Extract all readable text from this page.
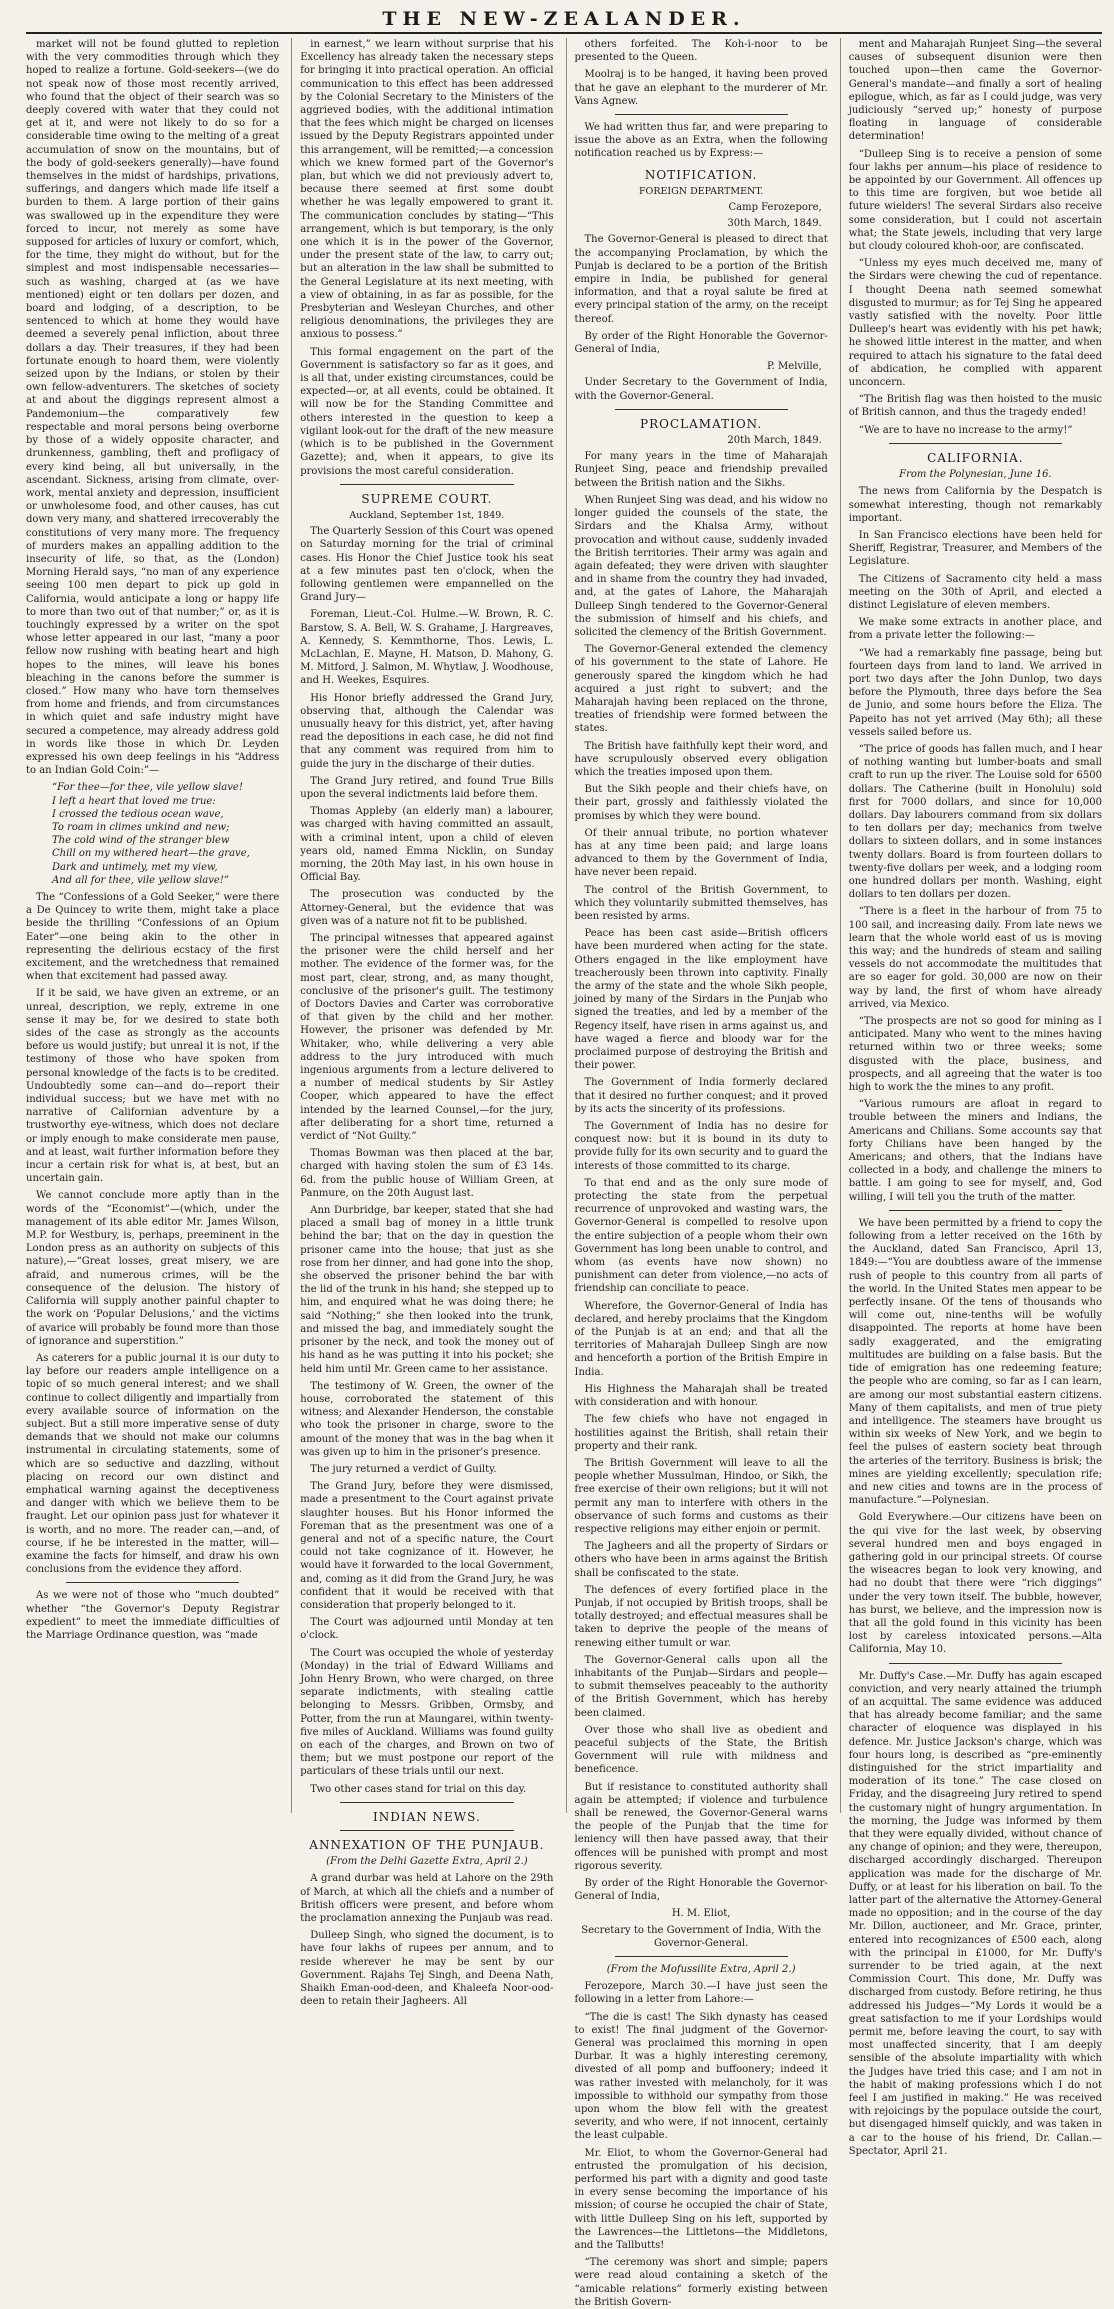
THE NEW-ZEALANDER.

market will not be found glutted to repletion with the very commodities through which they hoped to realize a fortune. Gold-seekers—(we do not speak now of those most recently arrived, who found that the object of their search was so deeply covered with water that they could not get at it, and were not likely to do so for a considerable time owing to the melting of a great accumulation of snow on the mountains, but of the body of gold-seekers generally)—have found themselves in the midst of hardships, privations, sufferings, and dangers which made life itself a burden to them. A large portion of their gains was swallowed up in the expenditure they were forced to incur, not merely as some have supposed for articles of luxury or comfort, which, for the time, they might do without, but for the simplest and most indispensable necessaries—such as washing, charged at (as we have mentioned) eight or ten dollars per dozen, and board and lodging, of a description, to be sentenced to which at home they would have deemed a severely penal infliction, about three dollars a day. Their treasures, if they had been fortunate enough to hoard them, were violently seized upon by the Indians, or stolen by their own fellow-adventurers. The sketches of society at and about the diggings represent almost a Pandemonium—the comparatively few respectable and moral persons being overborne by those of a widely opposite character, and drunkenness, gambling, theft and profligacy of every kind being, all but universally, in the ascendant. Sickness, arising from climate, over-work, mental anxiety and depression, insufficient or unwholesome food, and other causes, has cut down very many, and shattered irrecoverably the constitutions of very many more. The frequency of murders makes an appalling addition to the insecurity of life, so that, as the (London) Morning Herald says, “no man of any experience seeing 100 men depart to pick up gold in California, would anticipate a long or happy life to more than two out of that number;” or, as it is touchingly expressed by a writer on the spot whose letter appeared in our last, “many a poor fellow now rushing with beating heart and high hopes to the mines, will leave his bones bleaching in the canons before the summer is closed.” How many who have torn themselves from home and friends, and from circumstances in which quiet and safe industry might have secured a competence, may already address gold in words like those in which Dr. Leyden expressed his own deep feelings in his “Address to an Indian Gold Coin:”—

“For thee—for thee, vile yellow slave!
I left a heart that loved me true:
I crossed the tedious ocean wave,
To roam in climes unkind and new;
The cold wind of the stranger blew
Chill on my withered heart—the grave,
Dark and untimely, met my view,
And all for thee, vile yellow slave!”

The “Confessions of a Gold Seeker,” were there a De Quincey to write them, might take a place beside the thrilling “Confessions of an Opium Eater”—one being akin to the other in representing the delirious ecstacy of the first excitement, and the wretchedness that remained when that excitement had passed away.

If it be said, we have given an extreme, or an unreal, description, we reply, extreme in one sense it may be, for we desired to state both sides of the case as strongly as the accounts before us would justify; but unreal it is not, if the testimony of those who have spoken from personal knowledge of the facts is to be credited. Undoubtedly some can—and do—report their individual success; but we have met with no narrative of Californian adventure by a trustworthy eye-witness, which does not declare or imply enough to make considerate men pause, and at least, wait further information before they incur a certain risk for what is, at best, but an uncertain gain.

We cannot conclude more aptly than in the words of the “Economist”—(which, under the management of its able editor Mr. James Wilson, M.P. for Westbury, is, perhaps, preeminent in the London press as an authority on subjects of this nature),—“Great losses, great misery, we are afraid, and numerous crimes, will be the consequence of the delusion. The history of California will supply another painful chapter to the work on ‘Popular Delusions,’ and the victims of avarice will probably be found more than those of ignorance and superstition.”

As caterers for a public journal it is our duty to lay before our readers ample intelligence on a topic of so much general interest; and we shall continue to collect diligently and impartially from every available source of information on the subject. But a still more imperative sense of duty demands that we should not make our columns instrumental in circulating statements, some of which are so seductive and dazzling, without placing on record our own distinct and emphatical warning against the deceptiveness and danger with which we believe them to be fraught. Let our opinion pass just for whatever it is worth, and no more. The reader can,—and, of course, if he be interested in the matter, will—examine the facts for himself, and draw his own conclusions from the evidence they afford.

As we were not of those who “much doubted” whether “the Governor's Deputy Registrar expedient” to meet the immediate difficulties of the Marriage Ordinance question, was “made

in earnest,” we learn without surprise that his Excellency has already taken the necessary steps for bringing it into practical operation. An official communication to this effect has been addressed by the Colonial Secretary to the Ministers of the aggrieved bodies, with the additional intimation that the fees which might be charged on licenses issued by the Deputy Registrars appointed under this arrangement, will be remitted;—a concession which we knew formed part of the Governor's plan, but which we did not previously advert to, because there seemed at first some doubt whether he was legally empowered to grant it. The communication concludes by stating—“This arrangement, which is but temporary, is the only one which it is in the power of the Governor, under the present state of the law, to carry out; but an alteration in the law shall be submitted to the General Legislature at its next meeting, with a view of obtaining, in as far as possible, for the Presbyterian and Wesleyan Churches, and other religious denominations, the privileges they are anxious to possess.”

This formal engagement on the part of the Government is satisfactory so far as it goes, and is all that, under existing circumstances, could be expected—or, at all events, could be obtained. It will now be for the Standing Committee and others interested in the question to keep a vigilant look-out for the draft of the new measure (which is to be published in the Government Gazette); and, when it appears, to give its provisions the most careful consideration.

SUPREME COURT.
Auckland, September 1st, 1849.

The Quarterly Session of this Court was opened on Saturday morning for the trial of criminal cases. His Honor the Chief Justice took his seat at a few minutes past ten o'clock, when the following gentlemen were empannelled on the Grand Jury—

Foreman, Lieut.-Col. Hulme.—W. Brown, R. C. Barstow, S. A. Bell, W. S. Grahame, J. Hargreaves, A. Kennedy, S. Kemmthorne, Thos. Lewis, L. McLachlan, E. Mayne, H. Matson, D. Mahony, G. M. Mitford, J. Salmon, M. Whytlaw, J. Woodhouse, and H. Weekes, Esquires.

His Honor briefly addressed the Grand Jury, observing that, although the Calendar was unusually heavy for this district, yet, after having read the depositions in each case, he did not find that any comment was required from him to guide the jury in the discharge of their duties.

The Grand Jury retired, and found True Bills upon the several indictments laid before them.

Thomas Appleby (an elderly man) a labourer, was charged with having committed an assault, with a criminal intent, upon a child of eleven years old, named Emma Nicklin, on Sunday morning, the 20th May last, in his own house in Official Bay.

The prosecution was conducted by the Attorney-General, but the evidence that was given was of a nature not fit to be published.

The principal witnesses that appeared against the prisoner were the child herself and her mother. The evidence of the former was, for the most part, clear, strong, and, as many thought, conclusive of the prisoner's guilt. The testimony of Doctors Davies and Carter was corroborative of that given by the child and her mother. However, the prisoner was defended by Mr. Whitaker, who, while delivering a very able address to the jury introduced with much ingenious arguments from a lecture delivered to a number of medical students by Sir Astley Cooper, which appeared to have the effect intended by the learned Counsel,—for the jury, after deliberating for a short time, returned a verdict of “Not Guilty.”

Thomas Bowman was then placed at the bar, charged with having stolen the sum of £3 14s. 6d. from the public house of William Green, at Panmure, on the 20th August last.

Ann Durbridge, bar keeper, stated that she had placed a small bag of money in a little trunk behind the bar; that on the day in question the prisoner came into the house; that just as she rose from her dinner, and had gone into the shop, she observed the prisoner behind the bar with the lid of the trunk in his hand; she stepped up to him, and enquired what he was doing there; he said “Nothing;” she then looked into the trunk, and missed the bag, and immediately sought the prisoner by the neck, and took the money out of his hand as he was putting it into his pocket; she held him until Mr. Green came to her assistance.

The testimony of W. Green, the owner of the house, corroborated the statement of this witness; and Alexander Henderson, the constable who took the prisoner in charge, swore to the amount of the money that was in the bag when it was given up to him in the prisoner's presence.

The jury returned a verdict of Guilty.

The Grand Jury, before they were dismissed, made a presentment to the Court against private slaughter houses. But his Honor informed the Foreman that as the presentment was one of a general and not of a specific nature, the Court could not take cognizance of it. However, he would have it forwarded to the local Government, and, coming as it did from the Grand Jury, he was confident that it would be received with that consideration that properly belonged to it.

The Court was adjourned until Monday at ten o'clock.

The Court was occupied the whole of yesterday (Monday) in the trial of Edward Williams and John Henry Brown, who were charged, on three separate indictments, with stealing cattle belonging to Messrs. Gribben, Ormsby, and Potter, from the run at Maungarei, within twenty-five miles of Auckland. Williams was found guilty on each of the charges, and Brown on two of them; but we must postpone our report of the particulars of these trials until our next.

Two other cases stand for trial on this day.

INDIAN NEWS.
ANNEXATION OF THE PUNJAUB.
(From the Delhi Gazette Extra, April 2.)

A grand durbar was held at Lahore on the 29th of March, at which all the chiefs and a number of British officers were present, and before whom the proclamation annexing the Punjaub was read.

Dulleep Singh, who signed the document, is to have four lakhs of rupees per annum, and to reside wherever he may be sent by our Government. Rajahs Tej Singh, and Deena Nath, Shaikh Eman-ood-deen, and Khaleefa Noor-ood-deen to retain their Jagheers. All

others forfeited. The Koh-i-noor to be presented to the Queen.

Moolraj is to be hanged, it having been proved that he gave an elephant to the murderer of Mr. Vans Agnew.

We had written thus far, and were preparing to issue the above as an Extra, when the following notification reached us by Express:—

NOTIFICATION.
FOREIGN DEPARTMENT.
Camp Ferozepore,
30th March, 1849.

The Governor-General is pleased to direct that the accompanying Proclamation, by which the Punjab is declared to be a portion of the British empire in India, be published for general information, and that a royal salute be fired at every principal station of the army, on the receipt thereof.

By order of the Right Honorable the Governor-General of India,

P. Melville,

Under Secretary to the Government of India, with the Governor-General.

PROCLAMATION.
20th March, 1849.

For many years in the time of Maharajah Runjeet Sing, peace and friendship prevailed between the British nation and the Sikhs.

When Runjeet Sing was dead, and his widow no longer guided the counsels of the state, the Sirdars and the Khalsa Army, without provocation and without cause, suddenly invaded the British territories. Their army was again and again defeated; they were driven with slaughter and in shame from the country they had invaded, and, at the gates of Lahore, the Maharajah Dulleep Singh tendered to the Governor-General the submission of himself and his chiefs, and solicited the clemency of the British Government.

The Governor-General extended the clemency of his government to the state of Lahore. He generously spared the kingdom which he had acquired a just right to subvert; and the Maharajah having been replaced on the throne, treaties of friendship were formed between the states.

The British have faithfully kept their word, and have scrupulously observed every obligation which the treaties imposed upon them.

But the Sikh people and their chiefs have, on their part, grossly and faithlessly violated the promises by which they were bound.

Of their annual tribute, no portion whatever has at any time been paid; and large loans advanced to them by the Government of India, have never been repaid.

The control of the British Government, to which they voluntarily submitted themselves, has been resisted by arms.

Peace has been cast aside—British officers have been murdered when acting for the state. Others engaged in the like employment have treacherously been thrown into captivity. Finally the army of the state and the whole Sikh people, joined by many of the Sirdars in the Punjab who signed the treaties, and led by a member of the Regency itself, have risen in arms against us, and have waged a fierce and bloody war for the proclaimed purpose of destroying the British and their power.

The Government of India formerly declared that it desired no further conquest; and it proved by its acts the sincerity of its professions.

The Government of India has no desire for conquest now: but it is bound in its duty to provide fully for its own security and to guard the interests of those committed to its charge.

To that end and as the only sure mode of protecting the state from the perpetual recurrence of unprovoked and wasting wars, the Governor-General is compelled to resolve upon the entire subjection of a people whom their own Government has long been unable to control, and whom (as events have now shown) no punishment can deter from violence,—no acts of friendship can conciliate to peace.

Wherefore, the Governor-General of India has declared, and hereby proclaims that the Kingdom of the Punjab is at an end; and that all the territories of Maharajah Dulleep Singh are now and henceforth a portion of the British Empire in India.

His Highness the Maharajah shall be treated with consideration and with honour.

The few chiefs who have not engaged in hostilities against the British, shall retain their property and their rank.

The British Government will leave to all the people whether Mussulman, Hindoo, or Sikh, the free exercise of their own religions; but it will not permit any man to interfere with others in the observance of such forms and customs as their respective religions may either enjoin or permit.

The Jagheers and all the property of Sirdars or others who have been in arms against the British shall be confiscated to the state.

The defences of every fortified place in the Punjab, if not occupied by British troops, shall be totally destroyed; and effectual measures shall be taken to deprive the people of the means of renewing either tumult or war.

The Governor-General calls upon all the inhabitants of the Punjab—Sirdars and people—to submit themselves peaceably to the authority of the British Government, which has hereby been claimed.

Over those who shall live as obedient and peaceful subjects of the State, the British Government will rule with mildness and beneficence.

But if resistance to constituted authority shall again be attempted; if violence and turbulence shall be renewed, the Governor-General warns the people of the Punjab that the time for leniency will then have passed away, that their offences will be punished with prompt and most rigorous severity.

By order of the Right Honorable the Governor-General of India,

H. M. Eliot,
Secretary to the Government of India, With the Governor-General.
(From the Mofussilite Extra, April 2.)

Ferozepore, March 30.—I have just seen the following in a letter from Lahore:—

“The die is cast! The Sikh dynasty has ceased to exist! The final judgment of the Governor-General was proclaimed this morning in open Durbar. It was a highly interesting ceremony, divested of all pomp and buffoonery; indeed it was rather invested with melancholy, for it was impossible to withhold our sympathy from those upon whom the blow fell with the greatest severity, and who were, if not innocent, certainly the least culpable.

Mr. Eliot, to whom the Governor-General had entrusted the promulgation of his decision, performed his part with a dignity and good taste in every sense becoming the importance of his mission; of course he occupied the chair of State, with little Dulleep Sing on his left, supported by the Lawrences—the Littletons—the Middletons, and the Tallbutts!

“The ceremony was short and simple; papers were read aloud containing a sketch of the “amicable relations” formerly existing between the British Govern-

ment and Maharajah Runjeet Sing—the several causes of subsequent disunion were then touched upon—then came the Governor-General's mandate—and finally a sort of healing epilogue, which, as far as I could judge, was very judiciously “served up;” honesty of purpose floating in language of considerable determination!

“Dulleep Sing is to receive a pension of some four lakhs per annum—his place of residence to be appointed by our Government. All offences up to this time are forgiven, but woe betide all future wielders! The several Sirdars also receive some consideration, but I could not ascertain what; the State jewels, including that very large but cloudy coloured khoh-oor, are confiscated.

“Unless my eyes much deceived me, many of the Sirdars were chewing the cud of repentance. I thought Deena nath seemed somewhat disgusted to murmur; as for Tej Sing he appeared vastly satisfied with the novelty. Poor little Dulleep's heart was evidently with his pet hawk; he showed little interest in the matter, and when required to attach his signature to the fatal deed of abdication, he complied with apparent unconcern.

“The British flag was then hoisted to the music of British cannon, and thus the tragedy ended!

“We are to have no increase to the army!”

CALIFORNIA.
From the Polynesian, June 16.

The news from California by the Despatch is somewhat interesting, though not remarkably important.

In San Francisco elections have been held for Sheriff, Registrar, Treasurer, and Members of the Legislature.

The Citizens of Sacramento city held a mass meeting on the 30th of April, and elected a distinct Legislature of eleven members.

We make some extracts in another place, and from a private letter the following:—

“We had a remarkably fine passage, being but fourteen days from land to land. We arrived in port two days after the John Dunlop, two days before the Plymouth, three days before the Sea de Junio, and some hours before the Eliza. The Papeito has not yet arrived (May 6th); all these vessels sailed before us.

“The price of goods has fallen much, and I hear of nothing wanting but lumber-boats and small craft to run up the river. The Louise sold for 6500 dollars. The Catherine (built in Honolulu) sold first for 7000 dollars, and since for 10,000 dollars. Day labourers command from six dollars to ten dollars per day; mechanics from twelve dollars to sixteen dollars, and in some instances twenty dollars. Board is from fourteen dollars to twenty-five dollars per week, and a lodging room one hundred dollars per month. Washing, eight dollars to ten dollars per dozen.

“There is a fleet in the harbour of from 75 to 100 sail, and increasing daily. From late news we learn that the whole world east of us is moving this way; and the hundreds of steam and sailing vessels do not accommodate the multitudes that are so eager for gold. 30,000 are now on their way by land, the first of whom have already arrived, via Mexico.

“The prospects are not so good for mining as I anticipated. Many who went to the mines having returned within two or three weeks; some disgusted with the place, business, and prospects, and all agreeing that the water is too high to work the the mines to any profit.

“Various rumours are afloat in regard to trouble between the miners and Indians, the Americans and Chilians. Some accounts say that forty Chilians have been hanged by the Americans; and others, that the Indians have collected in a body, and challenge the miners to battle. I am going to see for myself, and, God willing, I will tell you the truth of the matter.

We have been permitted by a friend to copy the following from a letter received on the 16th by the Auckland, dated San Francisco, April 13, 1849:—“You are doubtless aware of the immense rush of people to this country from all parts of the world. In the United States men appear to be perfectly insane. Of the tens of thousands who will come out, nine-tenths will be wofully disappointed. The reports at home have been sadly exaggerated, and the emigrating multitudes are building on a false basis. But the tide of emigration has one redeeming feature; the people who are coming, so far as I can learn, are among our most substantial eastern citizens. Many of them capitalists, and men of true piety and intelligence. The steamers have brought us within six weeks of New York, and we begin to feel the pulses of eastern society beat through the arteries of the territory. Business is brisk; the mines are yielding excellently; speculation rife; and new cities and towns are in the process of manufacture.”—Polynesian.

Gold Everywhere.—Our citizens have been on the qui vive for the last week, by observing several hundred men and boys engaged in gathering gold in our principal streets. Of course the wiseacres began to look very knowing, and had no doubt that there were “rich diggings” under the very town itself. The bubble, however, has burst, we believe, and the impression now is that all the gold found in this vicinity has been lost by careless intoxicated persons.—Alta California, May 10.

Mr. Duffy's Case.—Mr. Duffy has again escaped conviction, and very nearly attained the triumph of an acquittal. The same evidence was adduced that has already become familiar; and the same character of eloquence was displayed in his defence. Mr. Justice Jackson's charge, which was four hours long, is described as “pre-eminently distinguished for the strict impartiality and moderation of its tone.” The case closed on Friday, and the disagreeing Jury retired to spend the customary night of hungry argumentation. In the morning, the Judge was informed by them that they were equally divided, without chance of any change of opinion; and they were, thereupon, discharged accordingly discharged. Thereupon application was made for the discharge of Mr. Duffy, or at least for his liberation on bail. To the latter part of the alternative the Attorney-General made no opposition; and in the course of the day Mr. Dillon, auctioneer, and Mr. Grace, printer, entered into recognizances of £500 each, along with the principal in £1000, for Mr. Duffy's surrender to be tried again, at the next Commission Court. This done, Mr. Duffy was discharged from custody. Before retiring, he thus addressed his Judges—“My Lords it would be a great satisfaction to me if your Lordships would permit me, before leaving the court, to say with most unaffected sincerity, that I am deeply sensible of the absolute impartiality with which the Judges have tried this case; and I am not in the habit of making professions which I do not feel I am justified in making.” He was received with rejoicings by the populace outside the court, but disengaged himself quickly, and was taken in a car to the house of his friend, Dr. Callan.—Spectator, April 21.
